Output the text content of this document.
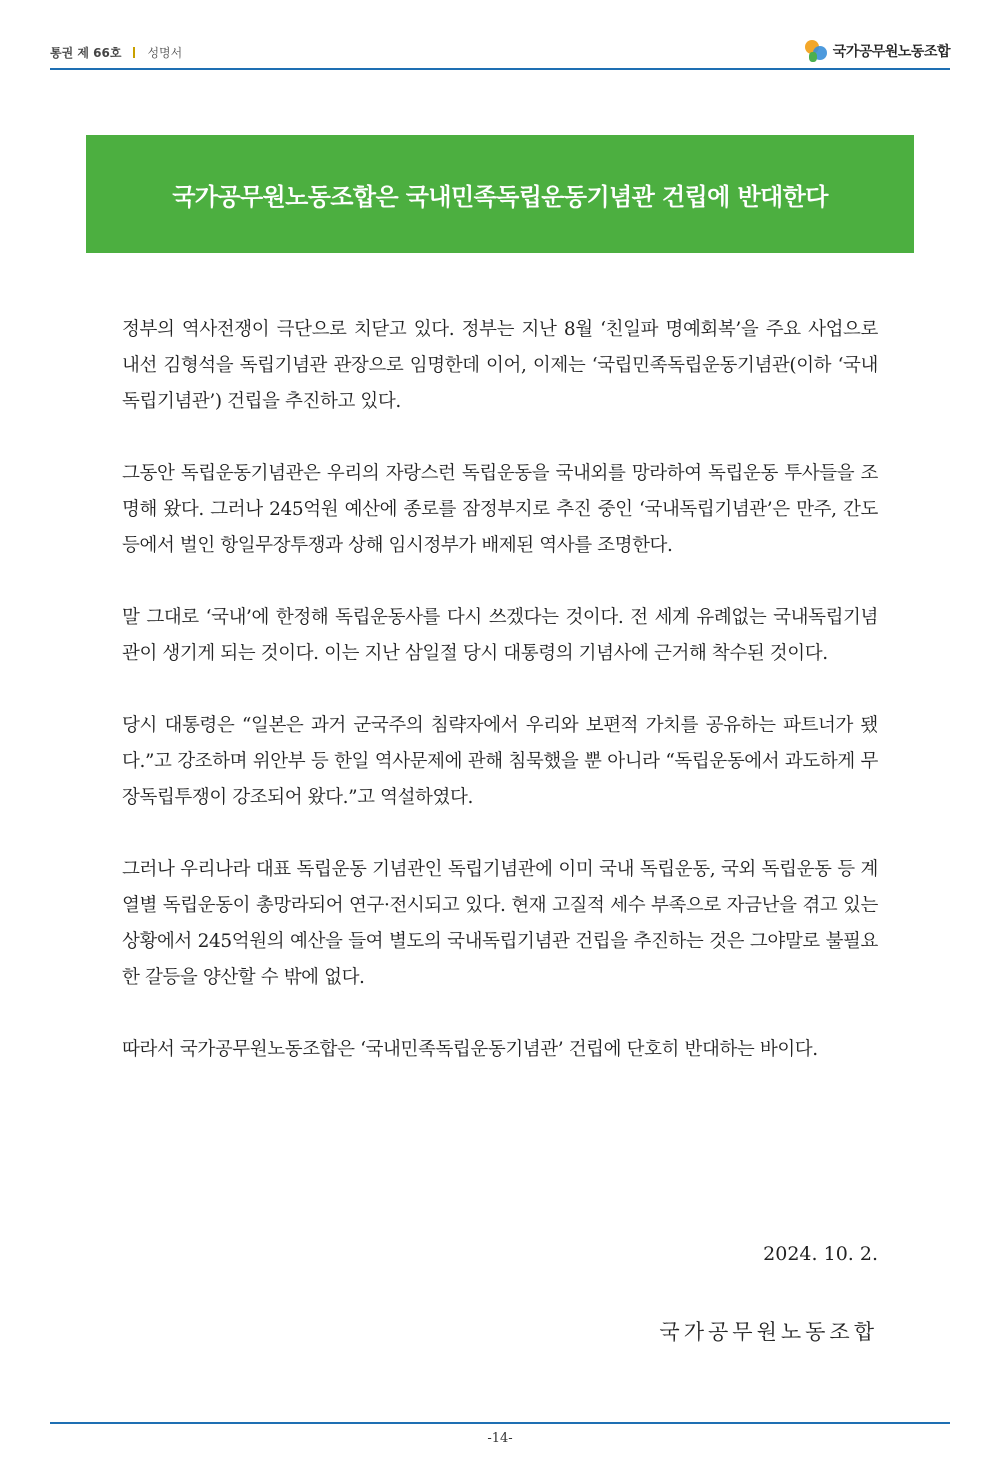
통권 제 66호 성명서	국가공무원노동조합
국가공무원노동조합은 국내민족독립운동기념관 건립에 반대한다

정부의 역사전쟁이 극단으로 치닫고 있다. 정부는 지난 8월 ‘친일파 명예회복’을 주요 사업으로 내선 김형석을 독립기념관 관장으로 임명한데 이어, 이제는 ‘국립민족독립운동기념관(이하 ‘국내독립기념관’) 건립을 추진하고 있다.

그동안 독립운동기념관은 우리의 자랑스런 독립운동을 국내외를 망라하여 독립운동 투사들을 조명해 왔다. 그러나 245억원 예산에 종로를 잠정부지로 추진 중인 ‘국내독립기념관’은 만주, 간도 등에서 벌인 항일무장투쟁과 상해 임시정부가 배제된 역사를 조명한다.

말 그대로 ‘국내’에 한정해 독립운동사를 다시 쓰겠다는 것이다. 전 세계 유례없는 국내독립기념관이 생기게 되는 것이다. 이는 지난 삼일절 당시 대통령의 기념사에 근거해 착수된 것이다.

당시 대통령은 “일본은 과거 군국주의 침략자에서 우리와 보편적 가치를 공유하는 파트너가 됐다.”고 강조하며 위안부 등 한일 역사문제에 관해 침묵했을 뿐 아니라 “독립운동에서 과도하게 무장독립투쟁이 강조되어 왔다.”고 역설하였다.

그러나 우리나라 대표 독립운동 기념관인 독립기념관에 이미 국내 독립운동, 국외 독립운동 등 계열별 독립운동이 총망라되어 연구·전시되고 있다. 현재 고질적 세수 부족으로 자금난을 겪고 있는 상황에서 245억원의 예산을 들여 별도의 국내독립기념관 건립을 추진하는 것은 그야말로 불필요한 갈등을 양산할 수 밖에 없다.

따라서 국가공무원노동조합은 ‘국내민족독립운동기념관’ 건립에 단호히 반대하는 바이다.

2024. 10. 2.
국가공무원노동조합
-14-
